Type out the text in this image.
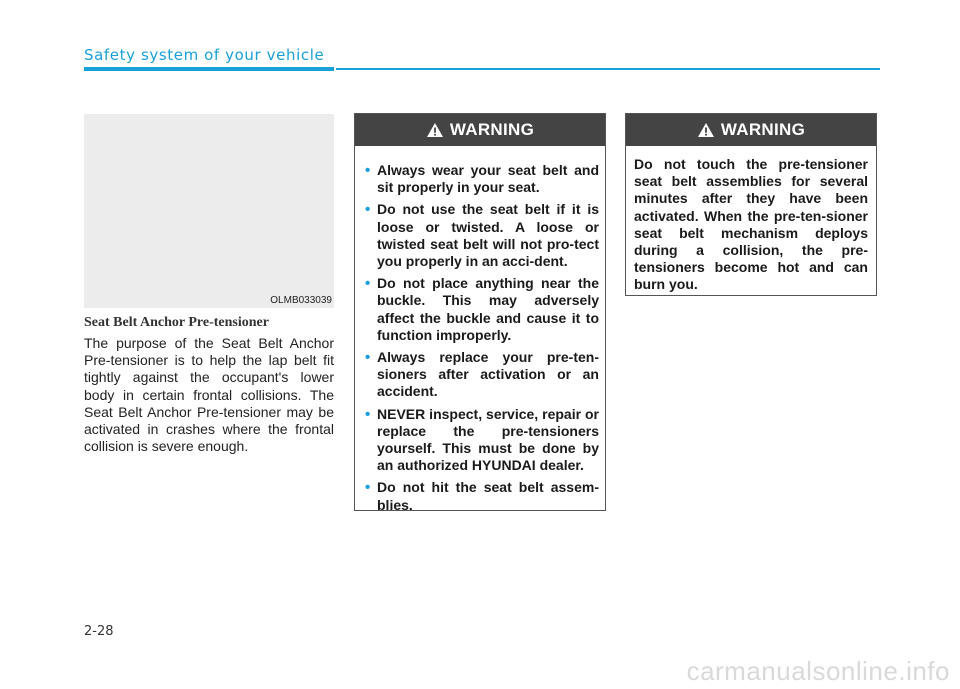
Safety system of your vehicle
OLMB033039
Seat Belt Anchor Pre-tensioner
The purpose of the Seat Belt Anchor Pre-tensioner is to help the lap belt fit tightly against the occupant's lower body in certain frontal collisions. The Seat Belt Anchor Pre-tensioner may be activated in crashes where the frontal collision is severe enough.
WARNING
• Always wear your seat belt and sit properly in your seat.
• Do not use the seat belt if it is loose or twisted. A loose or twisted seat belt will not pro-tect you properly in an acci-dent.
• Do not place anything near the buckle. This may adversely affect the buckle and cause it to function improperly.
• Always replace your pre-ten-sioners after activation or an accident.
• NEVER inspect, service, repair or replace the pre-tensioners yourself. This must be done by an authorized HYUNDAI dealer.
• Do not hit the seat belt assem-blies.
WARNING

Do not touch the pre-tensioner seat belt assemblies for several minutes after they have been activated. When the pre-ten-sioner seat belt mechanism deploys during a collision, the pre-tensioners become hot and can burn you.

2-28
carmanualsonline.info
